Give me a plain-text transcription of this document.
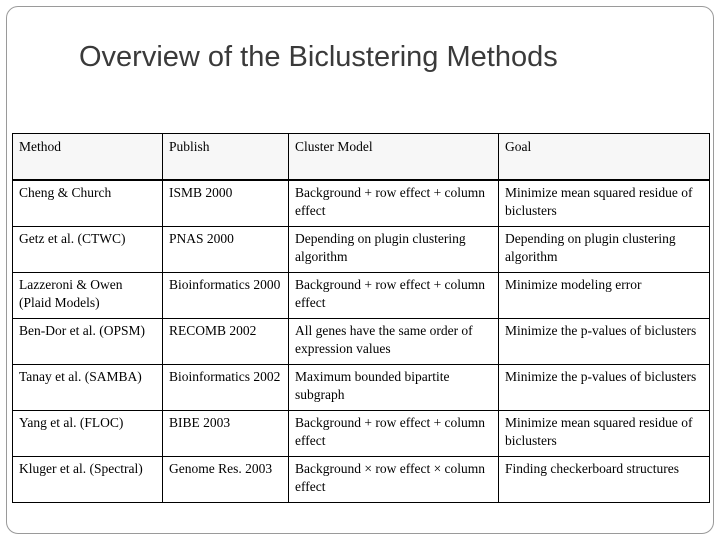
Overview of the Biclustering Methods
Method	Publish	Cluster Model	Goal
Cheng & Church	ISMB 2000	Background + row effect + column effect	Minimize mean squared residue of biclusters
Getz et al. (CTWC)	PNAS 2000	Depending on plugin clustering algorithm	Depending on plugin clustering algorithm
Lazzeroni & Owen (Plaid Models)	Bioinformatics 2000	Background + row effect + column effect	Minimize modeling error
Ben-Dor et al. (OPSM)	RECOMB 2002	All genes have the same order of expression values	Minimize the p-values of biclusters
Tanay et al. (SAMBA)	Bioinformatics 2002	Maximum bounded bipartite subgraph	Minimize the p-values of biclusters
Yang et al. (FLOC)	BIBE 2003	Background + row effect + column effect	Minimize mean squared residue of biclusters
Kluger et al. (Spectral)	Genome Res. 2003	Background × row effect × column effect	Finding checkerboard structures
